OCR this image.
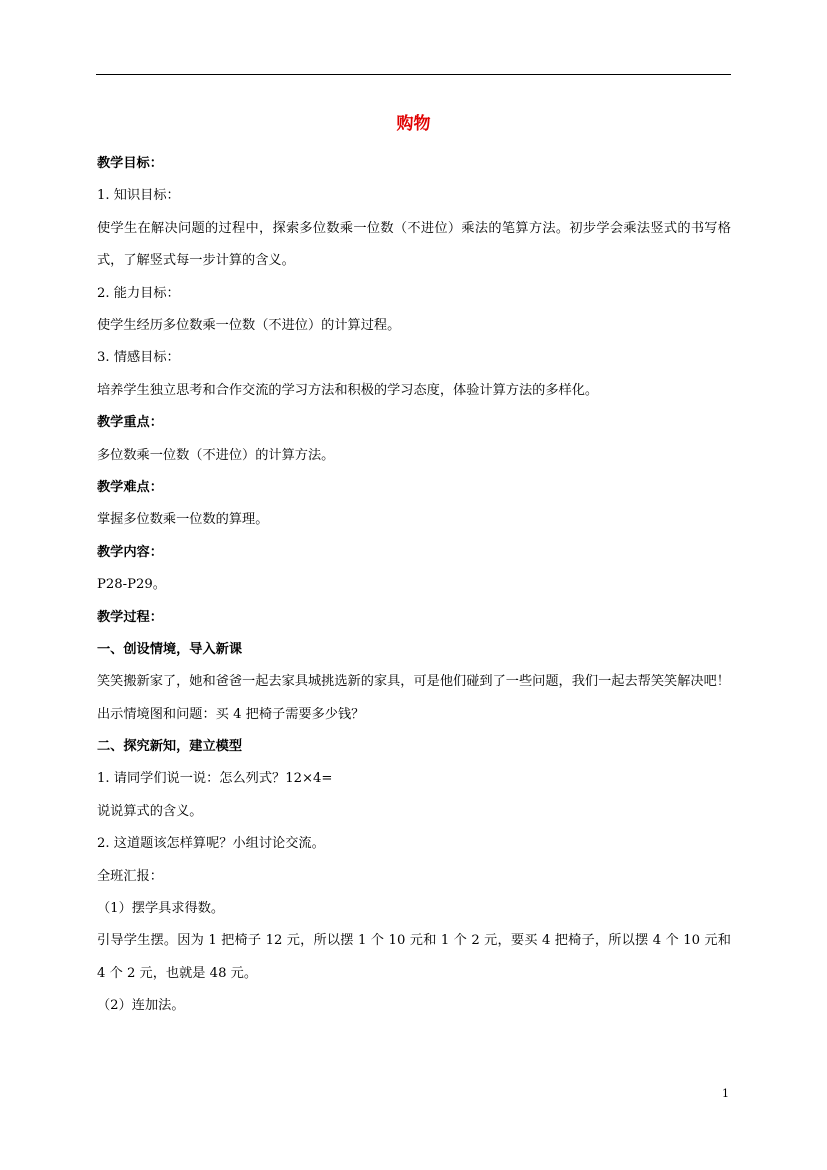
购物
教学目标：
1. 知识目标：
使学生在解决问题的过程中，探索多位数乘一位数（不进位）乘法的笔算方法。初步学会乘法竖式的书写格式，了解竖式每一步计算的含义。
2. 能力目标：
使学生经历多位数乘一位数（不进位）的计算过程。
3. 情感目标：
培养学生独立思考和合作交流的学习方法和积极的学习态度，体验计算方法的多样化。
教学重点：
多位数乘一位数（不进位）的计算方法。
教学难点：
掌握多位数乘一位数的算理。
教学内容：
P28-P29。
教学过程：
一、创设情境，导入新课
笑笑搬新家了，她和爸爸一起去家具城挑选新的家具，可是他们碰到了一些问题，我们一起去帮笑笑解决吧！
出示情境图和问题：买 4 把椅子需要多少钱？
二、探究新知，建立模型
1. 请同学们说一说：怎么列式？12×4=
说说算式的含义。
2. 这道题该怎样算呢？小组讨论交流。
全班汇报：
（1）摆学具求得数。
引导学生摆。因为 1 把椅子 12 元，所以摆 1 个 10 元和 1 个 2 元，要买 4 把椅子，所以摆 4 个 10 元和 4 个 2 元，也就是 48 元。
（2）连加法。
1
